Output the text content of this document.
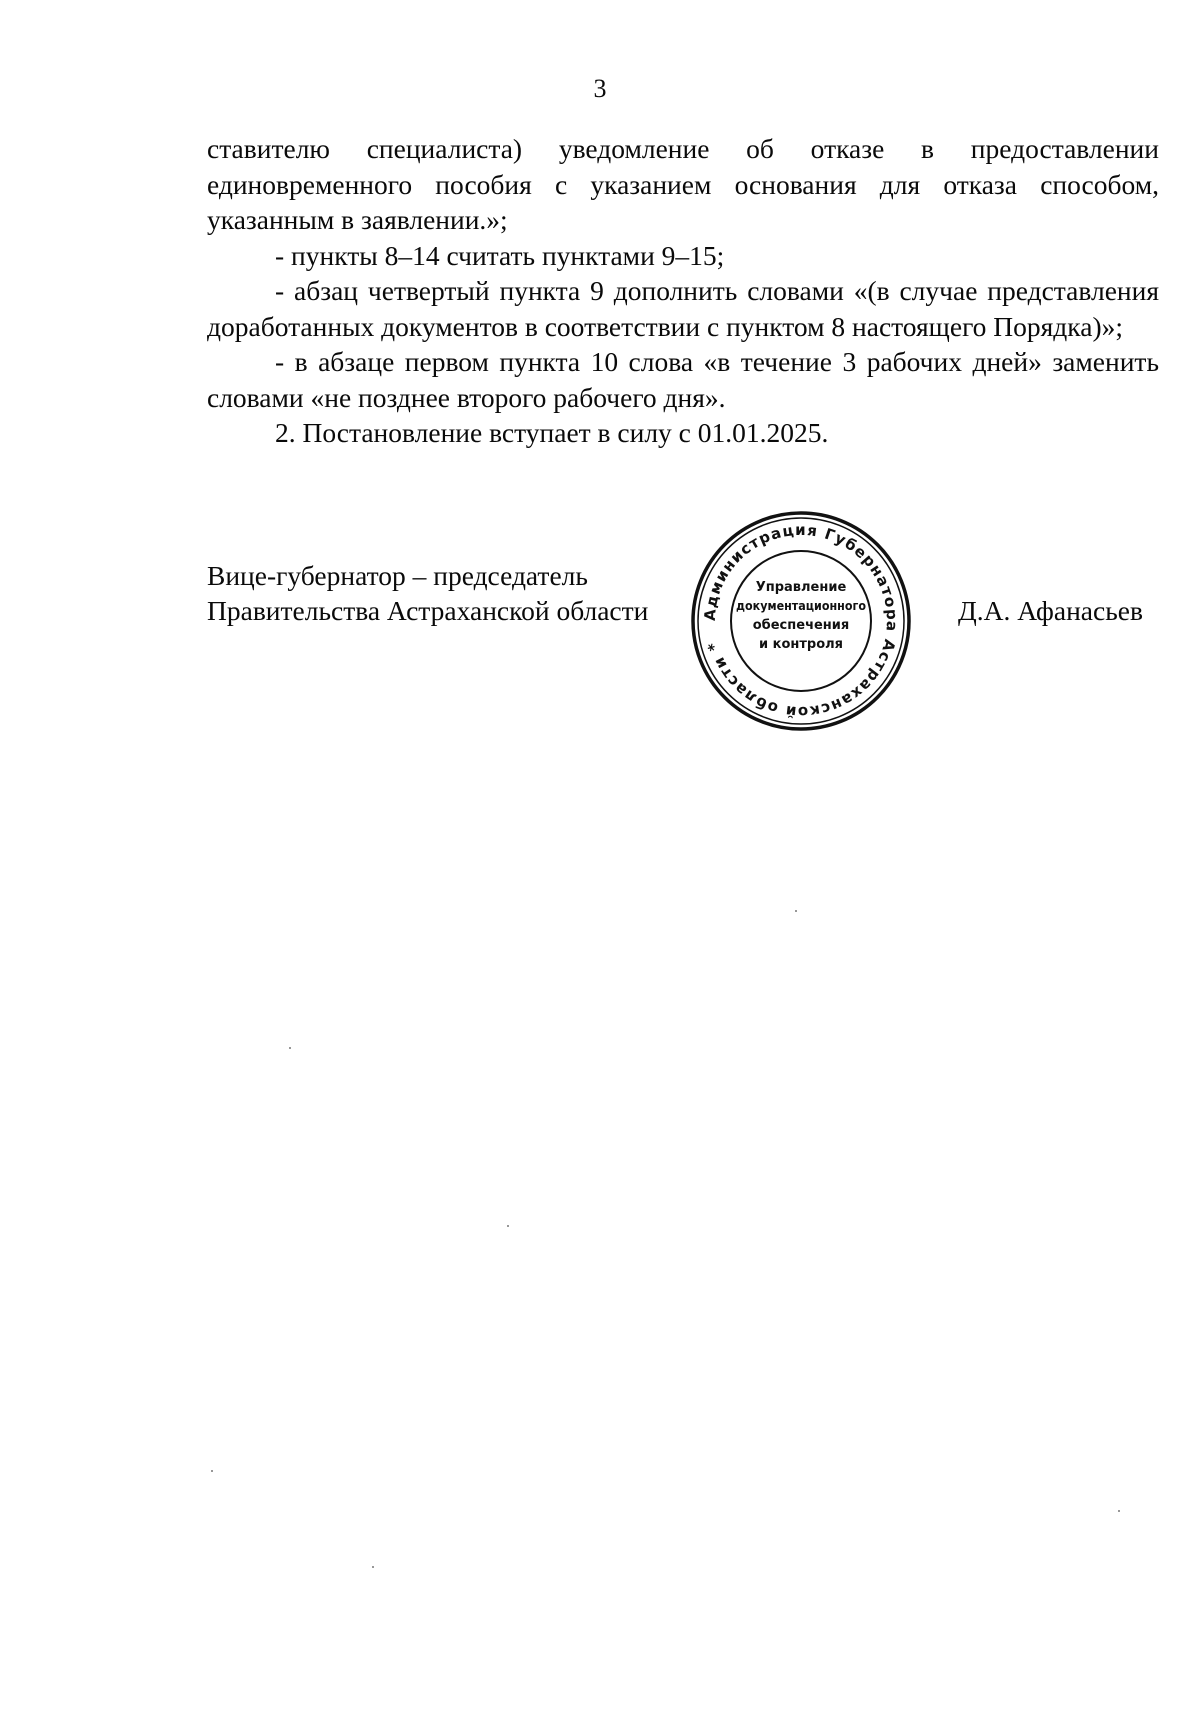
3

ставителю специалиста) уведомление об отказе в предоставлении единовременного пособия с указанием основания для отказа способом, указанным в заявлении.»;

- пункты 8–14 считать пунктами 9–15;

- абзац четвертый пункта 9 дополнить словами «(в случае представления доработанных документов в соответствии с пунктом 8 настоящего Порядка)»;

- в абзаце первом пункта 10 слова «в течение 3 рабочих дней» заменить словами «не позднее второго рабочего дня».

2. Постановление вступает в силу с 01.01.2025.

Вице-губернатор – председатель
Правительства Астраханской области	Администрация Губернатора Астраханской области *
Управление
документационного
обеспечения
и контроля
Д.А. Афанасьев
